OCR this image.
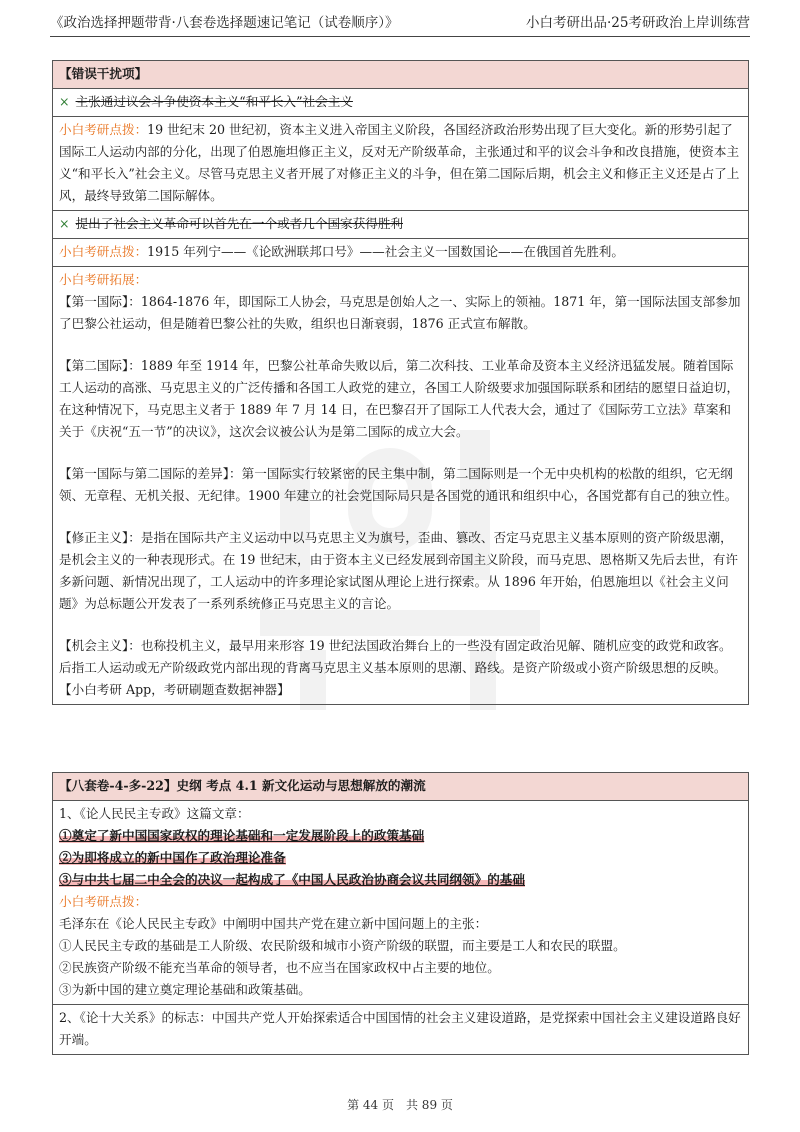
《政治选择押题带背·八套卷选择题速记笔记（试卷顺序）》	小白考研出品·25考研政治上岸训练营
【错误干扰项】
× 主张通过议会斗争使资本主义“和平长入”社会主义
小白考研点拨：19 世纪末 20 世纪初，资本主义进入帝国主义阶段，各国经济政治形势出现了巨大变化。新的形势引起了国际工人运动内部的分化，出现了伯恩施坦修正主义，反对无产阶级革命，主张通过和平的议会斗争和改良措施，使资本主义“和平长入”社会主义。尽管马克思主义者开展了对修正主义的斗争，但在第二国际后期，机会主义和修正主义还是占了上风，最终导致第二国际解体。
× 提出了社会主义革命可以首先在一个或者几个国家获得胜利
小白考研点拨：1915 年列宁——《论欧洲联邦口号》——社会主义一国数国论——在俄国首先胜利。

小白考研拓展：

【第一国际】：1864-1876 年，即国际工人协会，马克思是创始人之一、实际上的领袖。1871 年，第一国际法国支部参加了巴黎公社运动，但是随着巴黎公社的失败，组织也日渐衰弱，1876 正式宣布解散。

【第二国际】：1889 年至 1914 年，巴黎公社革命失败以后，第二次科技、工业革命及资本主义经济迅猛发展。随着国际工人运动的高涨、马克思主义的广泛传播和各国工人政党的建立，各国工人阶级要求加强国际联系和团结的愿望日益迫切，在这种情况下，马克思主义者于 1889 年 7 月 14 日，在巴黎召开了国际工人代表大会，通过了《国际劳工立法》草案和关于《庆祝“五一节”的决议》，这次会议被公认为是第二国际的成立大会。

【第一国际与第二国际的差异】：第一国际实行较紧密的民主集中制，第二国际则是一个无中央机构的松散的组织，它无纲领、无章程、无机关报、无纪律。1900 年建立的社会党国际局只是各国党的通讯和组织中心，各国党都有自己的独立性。

【修正主义】：是指在国际共产主义运动中以马克思主义为旗号，歪曲、篡改、否定马克思主义基本原则的资产阶级思潮，是机会主义的一种表现形式。在 19 世纪末，由于资本主义已经发展到帝国主义阶段，而马克思、恩格斯又先后去世，有许多新问题、新情况出现了，工人运动中的许多理论家试图从理论上进行探索。从 1896 年开始，伯恩施坦以《社会主义问题》为总标题公开发表了一系列系统修正马克思主义的言论。

【机会主义】：也称投机主义，最早用来形容 19 世纪法国政治舞台上的一些没有固定政治见解、随机应变的政党和政客。后指工人运动或无产阶级政党内部出现的背离马克思主义基本原则的思潮、路线。是资产阶级或小资产阶级思想的反映。【小白考研 App，考研刷题查数据神器】

【八套卷-4-多-22】史纲 考点 4.1 新文化运动与思想解放的潮流

1、《论人民民主专政》这篇文章：
①奠定了新中国国家政权的理论基础和一定发展阶段上的政策基础
②为即将成立的新中国作了政治理论准备
③与中共七届二中全会的决议一起构成了《中国人民政治协商会议共同纲领》的基础
小白考研点拨：
毛泽东在《论人民民主专政》中阐明中国共产党在建立新中国问题上的主张：
①人民民主专政的基础是工人阶级、农民阶级和城市小资产阶级的联盟，而主要是工人和农民的联盟。
②民族资产阶级不能充当革命的领导者，也不应当在国家政权中占主要的地位。
③为新中国的建立奠定理论基础和政策基础。

2、《论十大关系》的标志：中国共产党人开始探索适合中国国情的社会主义建设道路，是党探索中国社会主义建设道路良好开端。
第 44 页　共 89 页
